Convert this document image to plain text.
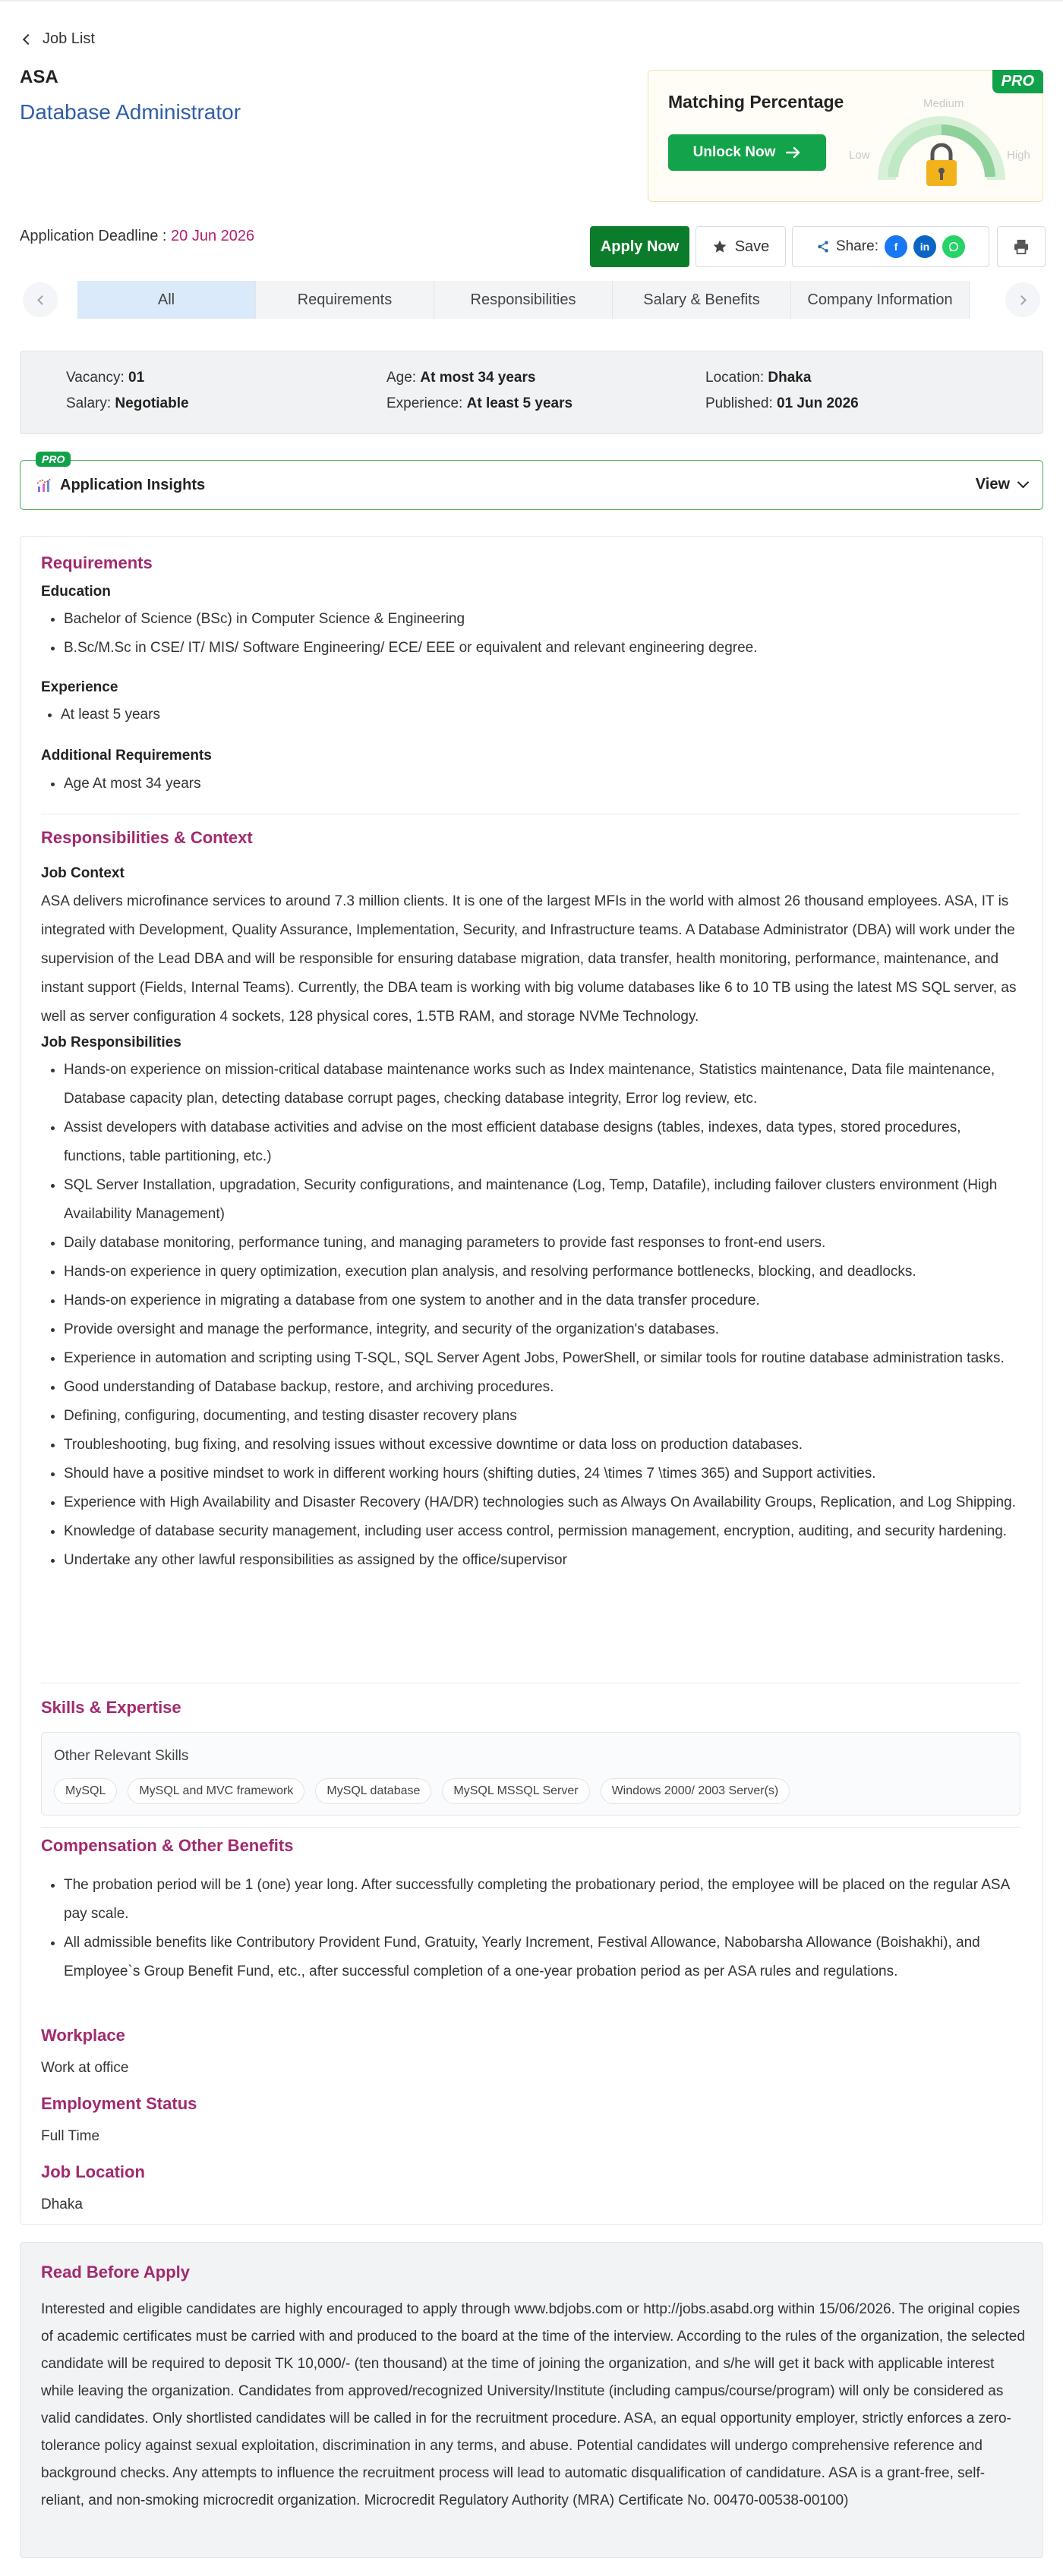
Job List
ASA
Database Administrator
PRO
Matching Percentage
Unlock Now
Medium
Low	High
Application Deadline : 20 Jun 2026
Apply Now	Save	Share:	f	in
All	Requirements	Responsibilities	Salary & Benefits	Company Information
Vacancy: 01
Salary: Negotiable
Age: At most 34 years
Experience: At least 5 years
Location: Dhaka
Published: 01 Jun 2026
PRO
Application Insights	View
Requirements
Education
• Bachelor of Science (BSc) in Computer Science & Engineering
• B.Sc/M.Sc in CSE/ IT/ MIS/ Software Engineering/ ECE/ EEE or equivalent and relevant engineering degree.
Experience
• At least 5 years
Additional Requirements
• Age At most 34 years
Responsibilities & Context
Job Context
ASA delivers microfinance services to around 7.3 million clients. It is one of the largest MFIs in the world with almost 26 thousand employees. ASA, IT is integrated with Development, Quality Assurance, Implementation, Security, and Infrastructure teams. A Database Administrator (DBA) will work under the supervision of the Lead DBA and will be responsible for ensuring database migration, data transfer, health monitoring, performance, maintenance, and instant support (Fields, Internal Teams). Currently, the DBA team is working with big volume databases like 6 to 10 TB using the latest MS SQL server, as well as server configuration 4 sockets, 128 physical cores, 1.5TB RAM, and storage NVMe Technology.
Job Responsibilities
• Hands-on experience on mission-critical database maintenance works such as Index maintenance, Statistics maintenance, Data file maintenance, Database capacity plan, detecting database corrupt pages, checking database integrity, Error log review, etc.
• Assist developers with database activities and advise on the most efficient database designs (tables, indexes, data types, stored procedures, functions, table partitioning, etc.)
• SQL Server Installation, upgradation, Security configurations, and maintenance (Log, Temp, Datafile), including failover clusters environment (High Availability Management)
• Daily database monitoring, performance tuning, and managing parameters to provide fast responses to front-end users.
• Hands-on experience in query optimization, execution plan analysis, and resolving performance bottlenecks, blocking, and deadlocks.
• Hands-on experience in migrating a database from one system to another and in the data transfer procedure.
• Provide oversight and manage the performance, integrity, and security of the organization's databases.
• Experience in automation and scripting using T-SQL, SQL Server Agent Jobs, PowerShell, or similar tools for routine database administration tasks.
• Good understanding of Database backup, restore, and archiving procedures.
• Defining, configuring, documenting, and testing disaster recovery plans
• Troubleshooting, bug fixing, and resolving issues without excessive downtime or data loss on production databases.
• Should have a positive mindset to work in different working hours (shifting duties, 24 \times 7 \times 365) and Support activities.
• Experience with High Availability and Disaster Recovery (HA/DR) technologies such as Always On Availability Groups, Replication, and Log Shipping.
• Knowledge of database security management, including user access control, permission management, encryption, auditing, and security hardening.
• Undertake any other lawful responsibilities as assigned by the office/supervisor
Skills & Expertise
Other Relevant Skills
MySQL	MySQL and MVC framework	MySQL database	MySQL MSSQL Server	Windows 2000/ 2003 Server(s)
Compensation & Other Benefits
• The probation period will be 1 (one) year long. After successfully completing the probationary period, the employee will be placed on the regular ASA pay scale.
• All admissible benefits like Contributory Provident Fund, Gratuity, Yearly Increment, Festival Allowance, Nabobarsha Allowance (Boishakhi), and Employee`s Group Benefit Fund, etc., after successful completion of a one-year probation period as per ASA rules and regulations.
Workplace
Work at office
Employment Status
Full Time
Job Location
Dhaka
Read Before Apply
Interested and eligible candidates are highly encouraged to apply through www.bdjobs.com or http://jobs.asabd.org within 15/06/2026. The original copies of academic certificates must be carried with and produced to the board at the time of the interview. According to the rules of the organization, the selected candidate will be required to deposit TK 10,000/- (ten thousand) at the time of joining the organization, and s/he will get it back with applicable interest while leaving the organization. Candidates from approved/recognized University/Institute (including campus/course/program) will only be considered as valid candidates. Only shortlisted candidates will be called in for the recruitment procedure. ASA, an equal opportunity employer, strictly enforces a zero-tolerance policy against sexual exploitation, discrimination in any terms, and abuse. Potential candidates will undergo comprehensive reference and background checks. Any attempts to influence the recruitment process will lead to automatic disqualification of candidature. ASA is a grant-free, self-reliant, and non-smoking microcredit organization. Microcredit Regulatory Authority (MRA) Certificate No. 00470-00538-00100)
